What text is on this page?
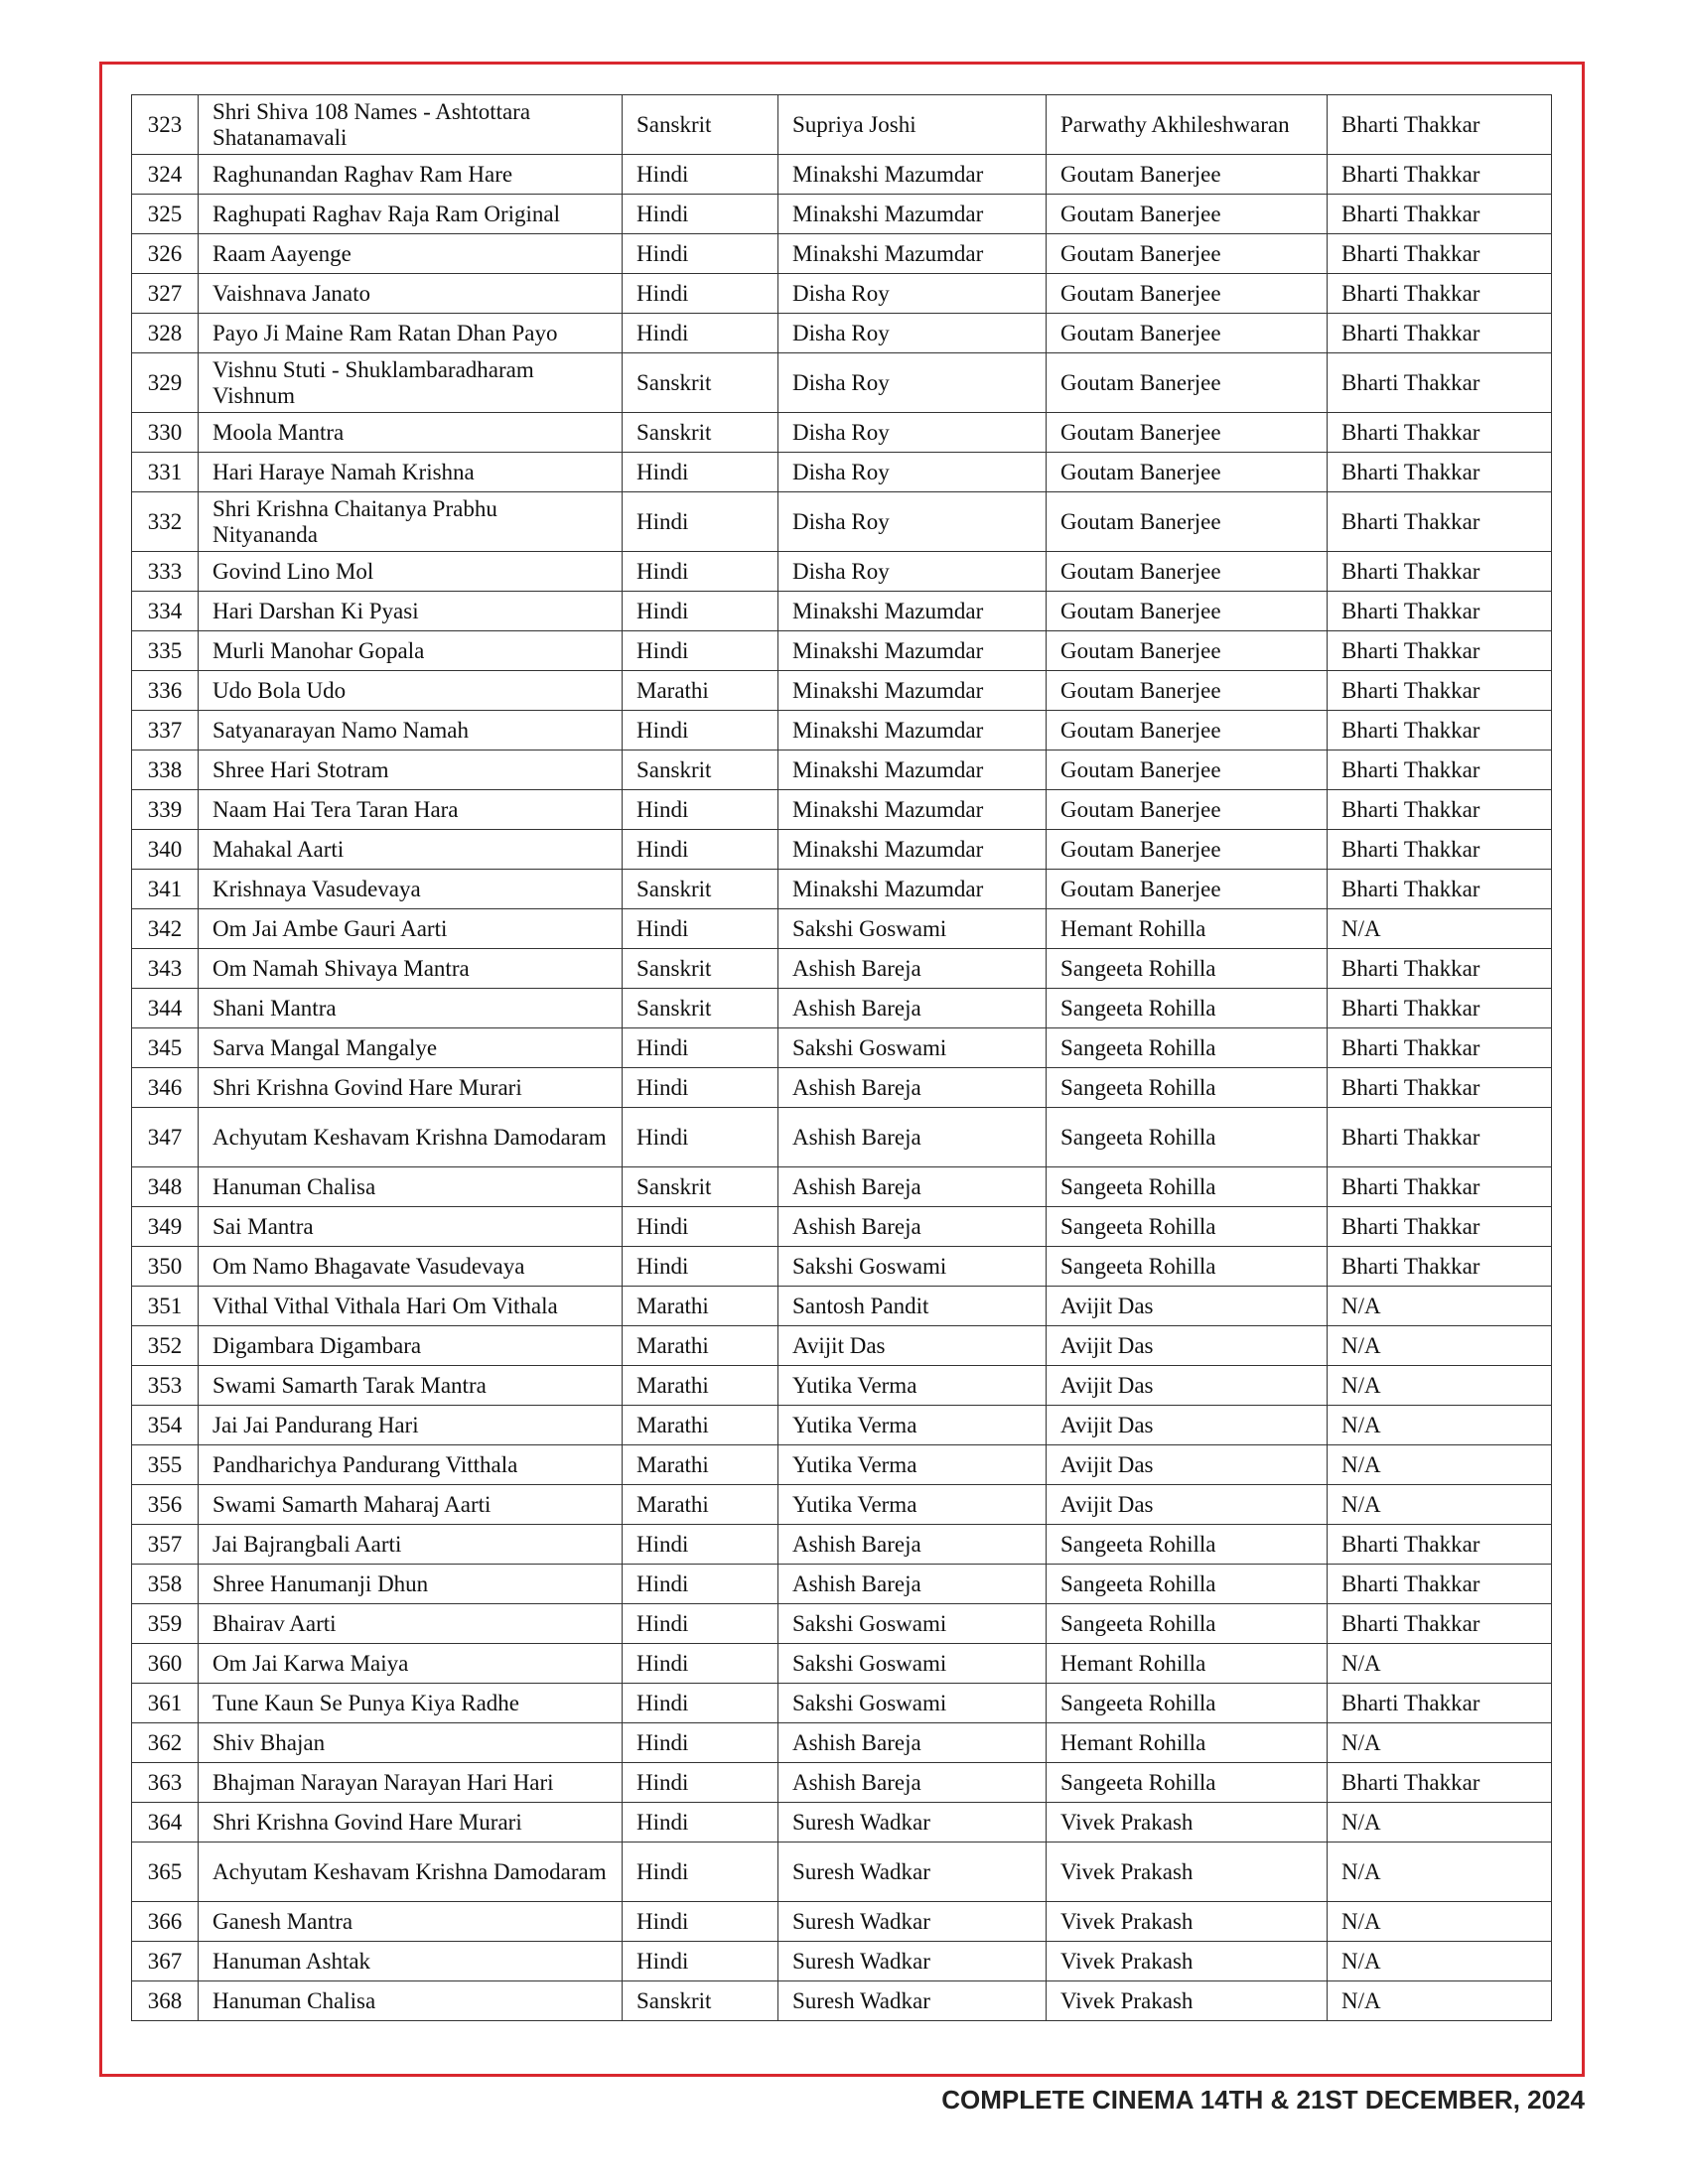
323	Shri Shiva 108 Names - Ashtottara Shatanamavali	Sanskrit	Supriya Joshi	Parwathy Akhileshwaran	Bharti Thakkar
324	Raghunandan Raghav Ram Hare	Hindi	Minakshi Mazumdar	Goutam Banerjee	Bharti Thakkar
325	Raghupati Raghav Raja Ram Original	Hindi	Minakshi Mazumdar	Goutam Banerjee	Bharti Thakkar
326	Raam Aayenge	Hindi	Minakshi Mazumdar	Goutam Banerjee	Bharti Thakkar
327	Vaishnava Janato	Hindi	Disha Roy	Goutam Banerjee	Bharti Thakkar
328	Payo Ji Maine Ram Ratan Dhan Payo	Hindi	Disha Roy	Goutam Banerjee	Bharti Thakkar
329	Vishnu Stuti - Shuklambaradharam Vishnum	Sanskrit	Disha Roy	Goutam Banerjee	Bharti Thakkar
330	Moola Mantra	Sanskrit	Disha Roy	Goutam Banerjee	Bharti Thakkar
331	Hari Haraye Namah Krishna	Hindi	Disha Roy	Goutam Banerjee	Bharti Thakkar
332	Shri Krishna Chaitanya Prabhu Nityananda	Hindi	Disha Roy	Goutam Banerjee	Bharti Thakkar
333	Govind Lino Mol	Hindi	Disha Roy	Goutam Banerjee	Bharti Thakkar
334	Hari Darshan Ki Pyasi	Hindi	Minakshi Mazumdar	Goutam Banerjee	Bharti Thakkar
335	Murli Manohar Gopala	Hindi	Minakshi Mazumdar	Goutam Banerjee	Bharti Thakkar
336	Udo Bola Udo	Marathi	Minakshi Mazumdar	Goutam Banerjee	Bharti Thakkar
337	Satyanarayan Namo Namah	Hindi	Minakshi Mazumdar	Goutam Banerjee	Bharti Thakkar
338	Shree Hari Stotram	Sanskrit	Minakshi Mazumdar	Goutam Banerjee	Bharti Thakkar
339	Naam Hai Tera Taran Hara	Hindi	Minakshi Mazumdar	Goutam Banerjee	Bharti Thakkar
340	Mahakal Aarti	Hindi	Minakshi Mazumdar	Goutam Banerjee	Bharti Thakkar
341	Krishnaya Vasudevaya	Sanskrit	Minakshi Mazumdar	Goutam Banerjee	Bharti Thakkar
342	Om Jai Ambe Gauri Aarti	Hindi	Sakshi Goswami	Hemant Rohilla	N/A
343	Om Namah Shivaya Mantra	Sanskrit	Ashish Bareja	Sangeeta Rohilla	Bharti Thakkar
344	Shani Mantra	Sanskrit	Ashish Bareja	Sangeeta Rohilla	Bharti Thakkar
345	Sarva Mangal Mangalye	Hindi	Sakshi Goswami	Sangeeta Rohilla	Bharti Thakkar
346	Shri Krishna Govind Hare Murari	Hindi	Ashish Bareja	Sangeeta Rohilla	Bharti Thakkar
347	Achyutam Keshavam Krishna Damodaram	Hindi	Ashish Bareja	Sangeeta Rohilla	Bharti Thakkar
348	Hanuman Chalisa	Sanskrit	Ashish Bareja	Sangeeta Rohilla	Bharti Thakkar
349	Sai Mantra	Hindi	Ashish Bareja	Sangeeta Rohilla	Bharti Thakkar
350	Om Namo Bhagavate Vasudevaya	Hindi	Sakshi Goswami	Sangeeta Rohilla	Bharti Thakkar
351	Vithal Vithal Vithala Hari Om Vithala	Marathi	Santosh Pandit	Avijit Das	N/A
352	Digambara Digambara	Marathi	Avijit Das	Avijit Das	N/A
353	Swami Samarth Tarak Mantra	Marathi	Yutika Verma	Avijit Das	N/A
354	Jai Jai Pandurang Hari	Marathi	Yutika Verma	Avijit Das	N/A
355	Pandharichya Pandurang Vitthala	Marathi	Yutika Verma	Avijit Das	N/A
356	Swami Samarth Maharaj Aarti	Marathi	Yutika Verma	Avijit Das	N/A
357	Jai Bajrangbali Aarti	Hindi	Ashish Bareja	Sangeeta Rohilla	Bharti Thakkar
358	Shree Hanumanji Dhun	Hindi	Ashish Bareja	Sangeeta Rohilla	Bharti Thakkar
359	Bhairav Aarti	Hindi	Sakshi Goswami	Sangeeta Rohilla	Bharti Thakkar
360	Om Jai Karwa Maiya	Hindi	Sakshi Goswami	Hemant Rohilla	N/A
361	Tune Kaun Se Punya Kiya Radhe	Hindi	Sakshi Goswami	Sangeeta Rohilla	Bharti Thakkar
362	Shiv Bhajan	Hindi	Ashish Bareja	Hemant Rohilla	N/A
363	Bhajman Narayan Narayan Hari Hari	Hindi	Ashish Bareja	Sangeeta Rohilla	Bharti Thakkar
364	Shri Krishna Govind Hare Murari	Hindi	Suresh Wadkar	Vivek Prakash	N/A
365	Achyutam Keshavam Krishna Damodaram	Hindi	Suresh Wadkar	Vivek Prakash	N/A
366	Ganesh Mantra	Hindi	Suresh Wadkar	Vivek Prakash	N/A
367	Hanuman Ashtak	Hindi	Suresh Wadkar	Vivek Prakash	N/A
368	Hanuman Chalisa	Sanskrit	Suresh Wadkar	Vivek Prakash	N/A
COMPLETE CINEMA 14TH & 21ST DECEMBER, 2024
